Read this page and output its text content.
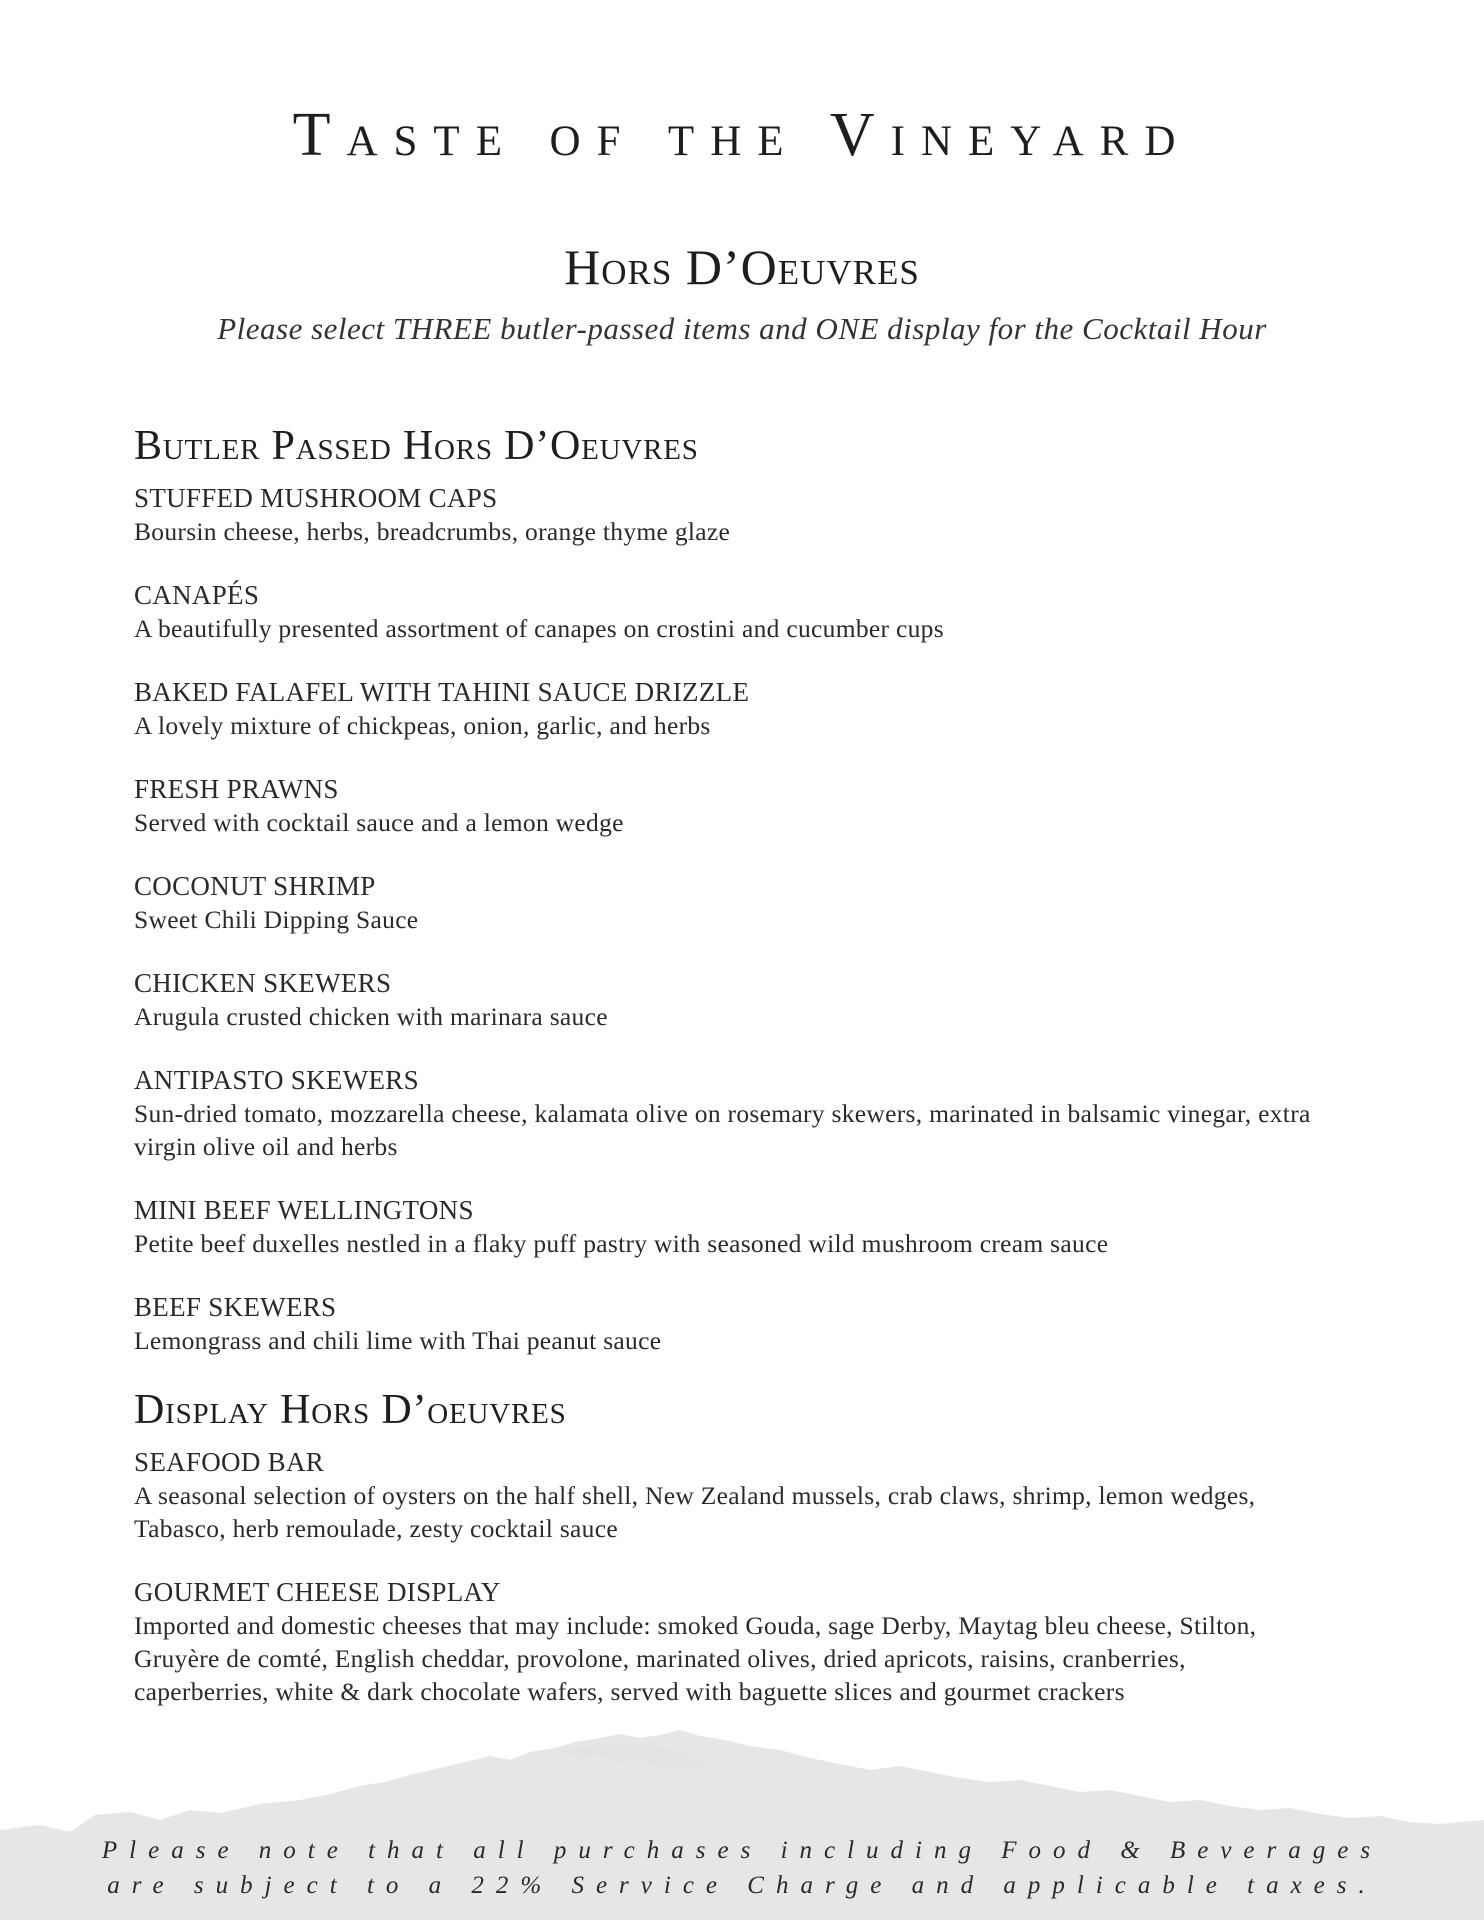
Taste of the Vineyard
Hors D’Oeuvres
Please select THREE butler-passed items and ONE display for the Cocktail Hour
Butler Passed Hors D’Oeuvres
STUFFED MUSHROOM CAPS
Boursin cheese, herbs, breadcrumbs, orange thyme glaze
CANAPÉS
A beautifully presented assortment of canapes on crostini and cucumber cups
BAKED FALAFEL WITH TAHINI SAUCE DRIZZLE
A lovely mixture of chickpeas, onion, garlic, and herbs
FRESH PRAWNS
Served with cocktail sauce and a lemon wedge
COCONUT SHRIMP
Sweet Chili Dipping Sauce
CHICKEN SKEWERS
Arugula crusted chicken with marinara sauce
ANTIPASTO SKEWERS
Sun-dried tomato, mozzarella cheese, kalamata olive on rosemary skewers, marinated in balsamic vinegar, extra virgin olive oil and herbs
MINI BEEF WELLINGTONS
Petite beef duxelles nestled in a flaky puff pastry with seasoned wild mushroom cream sauce
BEEF SKEWERS
Lemongrass and chili lime with Thai peanut sauce
Display Hors D’oeuvres
SEAFOOD BAR
A seasonal selection of oysters on the half shell, New Zealand mussels, crab claws, shrimp, lemon wedges, Tabasco, herb remoulade, zesty cocktail sauce
GOURMET CHEESE DISPLAY
Imported and domestic cheeses that may include: smoked Gouda, sage Derby, Maytag bleu cheese, Stilton, Gruyère de comté, English cheddar, provolone, marinated olives, dried apricots, raisins, cranberries, caperberries, white & dark chocolate wafers, served with baguette slices and gourmet crackers
Please note that all purchases including Food & Beverages
are subject to a 22% Service Charge and applicable taxes.
